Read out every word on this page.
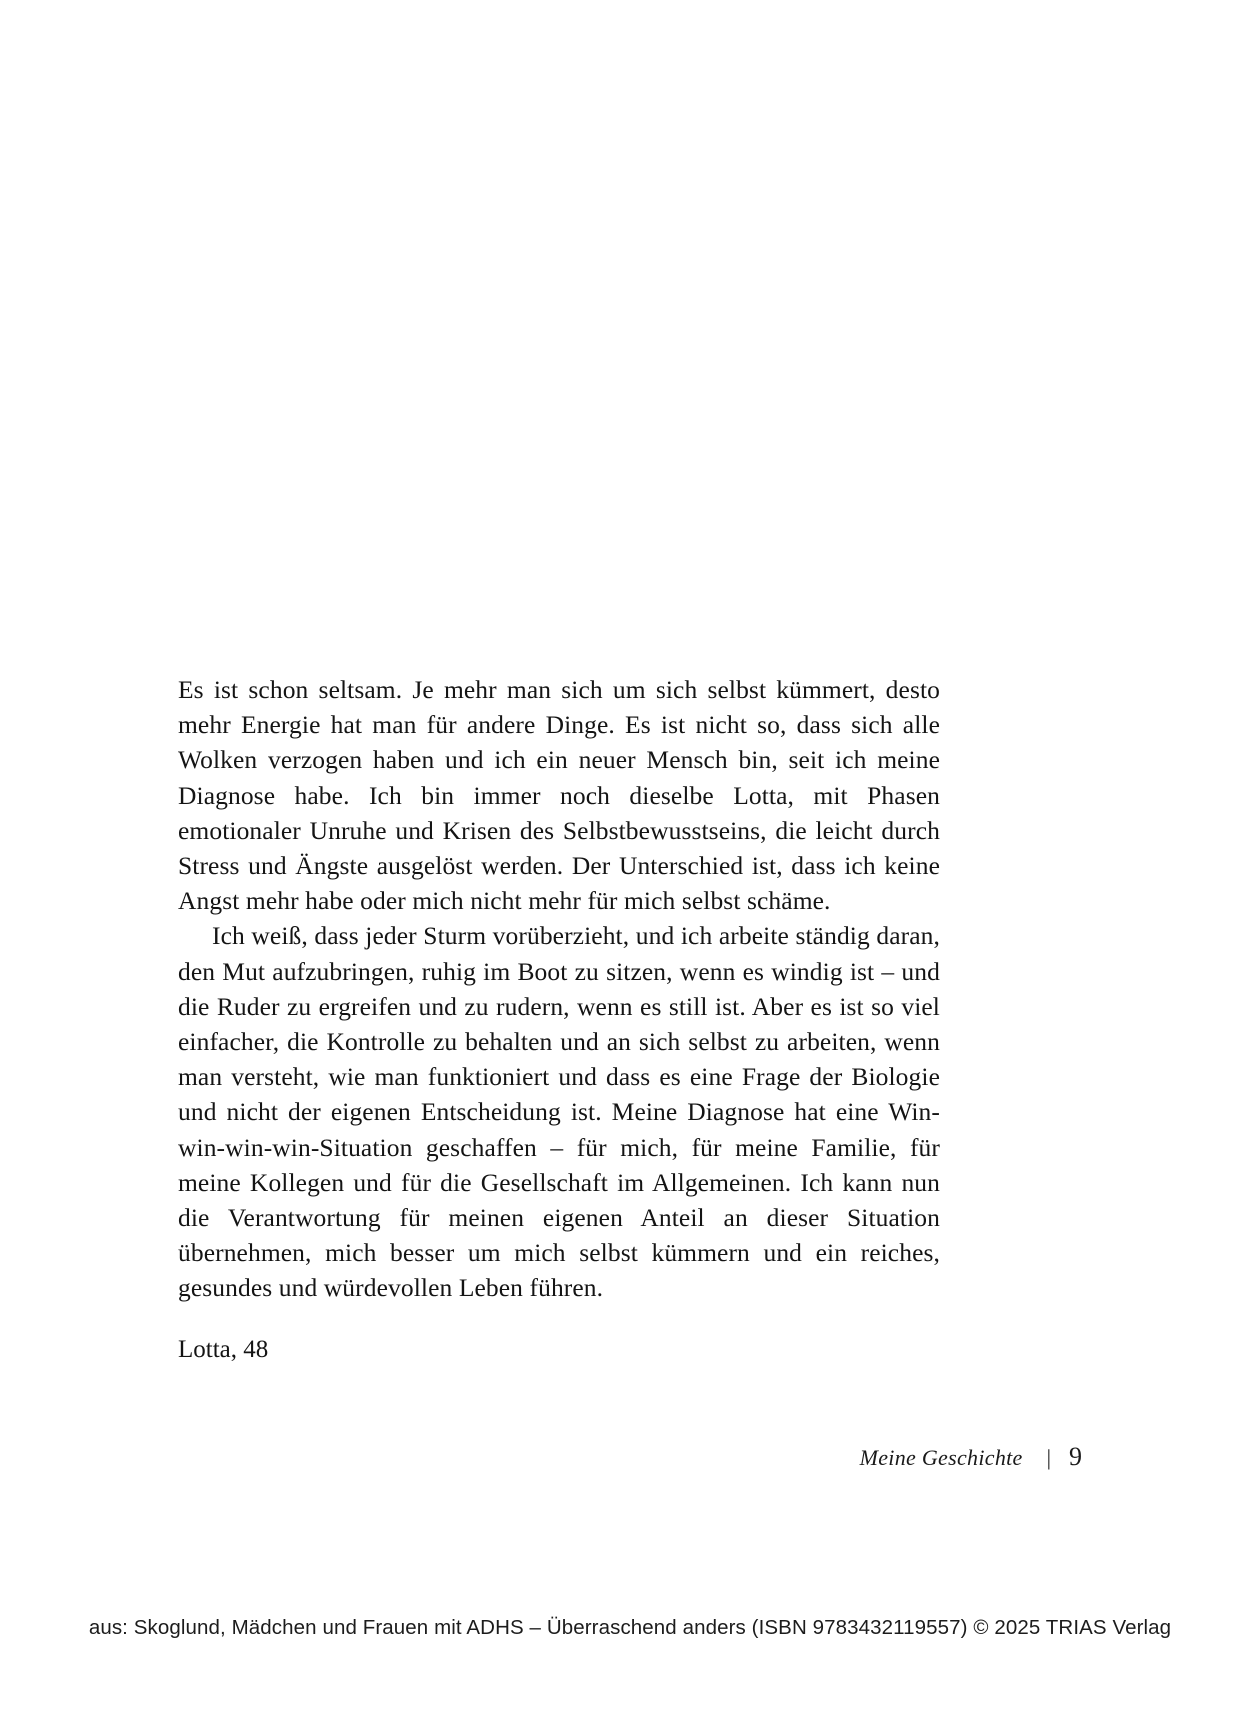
Es ist schon seltsam. Je mehr man sich um sich selbst kümmert, desto mehr Energie hat man für andere Dinge. Es ist nicht so, dass sich alle Wolken verzogen haben und ich ein neuer Mensch bin, seit ich meine Diagnose habe. Ich bin immer noch dieselbe Lotta, mit Phasen emotionaler Unruhe und Krisen des Selbstbewusstseins, die leicht durch Stress und Ängste ausgelöst werden. Der Unterschied ist, dass ich keine Angst mehr habe oder mich nicht mehr für mich selbst schäme.

Ich weiß, dass jeder Sturm vorüberzieht, und ich arbeite ständig daran, den Mut aufzubringen, ruhig im Boot zu sitzen, wenn es windig ist – und die Ruder zu ergreifen und zu rudern, wenn es still ist. Aber es ist so viel einfacher, die Kontrolle zu behalten und an sich selbst zu arbeiten, wenn man versteht, wie man funktioniert und dass es eine Frage der Biologie und nicht der eigenen Entscheidung ist. Meine Diagnose hat eine Win-win-win-win-Situation geschaffen – für mich, für meine Familie, für meine Kollegen und für die Gesellschaft im Allgemeinen. Ich kann nun die Verantwortung für meinen eigenen Anteil an dieser Situation übernehmen, mich besser um mich selbst kümmern und ein reiches, gesundes und würdevollen Leben führen.

Lotta, 48
Meine Geschichte	| 9
aus: Skoglund, Mädchen und Frauen mit ADHS – Überraschend anders (ISBN 9783432119557) © 2025 TRIAS Verlag
